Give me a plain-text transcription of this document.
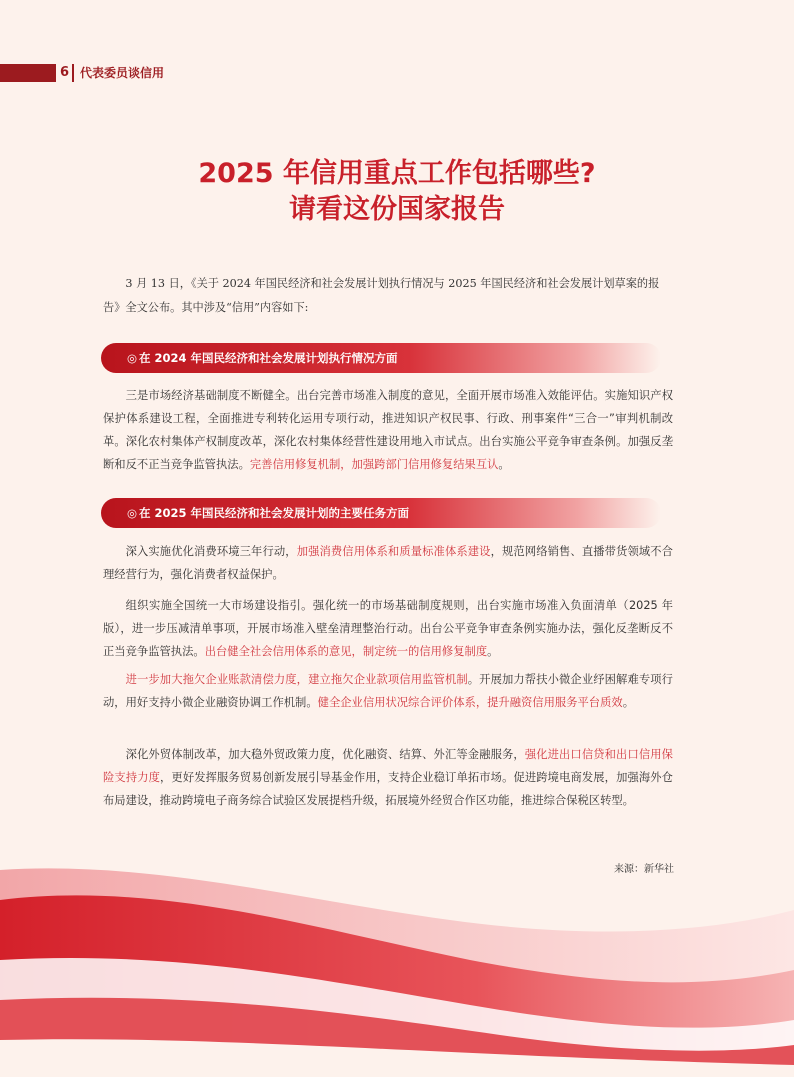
6 代表委员谈信用
2025 年信用重点工作包括哪些?
请看这份国家报告
3 月 13 日，《关于 2024 年国民经济和社会发展计划执行情况与 2025 年国民经济和社会发展计划草案的报告》全文公布。其中涉及“信用”内容如下:
◎ 在 2024 年国民经济和社会发展计划执行情况方面
三是市场经济基础制度不断健全。出台完善市场准入制度的意见，全面开展市场准入效能评估。实施知识产权保护体系建设工程，全面推进专利转化运用专项行动，推进知识产权民事、行政、刑事案件“三合一”审判机制改革。深化农村集体产权制度改革，深化农村集体经营性建设用地入市试点。出台实施公平竞争审查条例。加强反垄断和反不正当竞争监管执法。完善信用修复机制，加强跨部门信用修复结果互认。
◎ 在 2025 年国民经济和社会发展计划的主要任务方面
深入实施优化消费环境三年行动，加强消费信用体系和质量标准体系建设，规范网络销售、直播带货领域不合理经营行为，强化消费者权益保护。
组织实施全国统一大市场建设指引。强化统一的市场基础制度规则，出台实施市场准入负面清单（2025 年版），进一步压减清单事项，开展市场准入壁垒清理整治行动。出台公平竞争审查条例实施办法，强化反垄断反不正当竞争监管执法。出台健全社会信用体系的意见，制定统一的信用修复制度。
进一步加大拖欠企业账款清偿力度，建立拖欠企业款项信用监管机制。开展加力帮扶小微企业纾困解难专项行动，用好支持小微企业融资协调工作机制。健全企业信用状况综合评价体系，提升融资信用服务平台质效。
深化外贸体制改革，加大稳外贸政策力度，优化融资、结算、外汇等金融服务，强化进出口信贷和出口信用保险支持力度，更好发挥服务贸易创新发展引导基金作用，支持企业稳订单拓市场。促进跨境电商发展，加强海外仓布局建设，推动跨境电子商务综合试验区发展提档升级，拓展境外经贸合作区功能，推进综合保税区转型。
来源：新华社
